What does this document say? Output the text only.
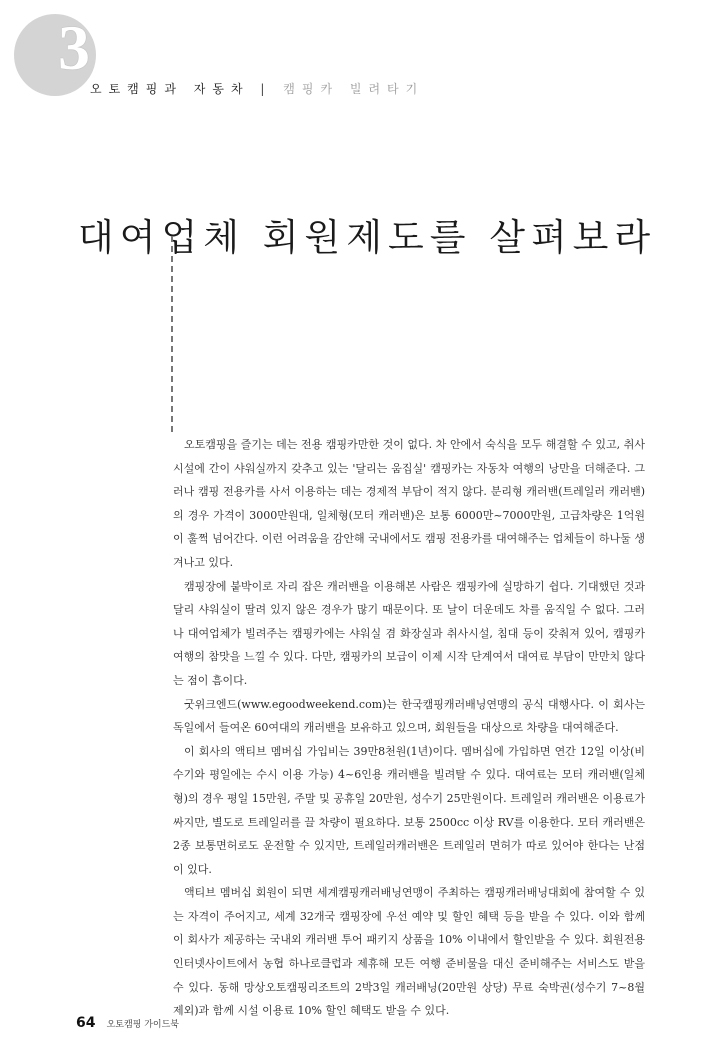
3
오토캠핑과 자동차 | 캠핑카 빌려타기
대여업체 회원제도를 살펴보라

오토캠핑을 즐기는 데는 전용 캠핑카만한 것이 없다. 차 안에서 숙식을 모두 해결할 수 있고, 취사시설에 간이 샤워실까지 갖추고 있는 '달리는 움집실' 캠핑카는 자동차 여행의 낭만을 더해준다. 그러나 캠핑 전용카를 사서 이용하는 데는 경제적 부담이 적지 않다. 분리형 캐러밴(트레일러 캐러밴)의 경우 가격이 3000만원대, 일체형(모터 캐러밴)은 보통 6000만~7000만원, 고급차량은 1억원이 훌쩍 넘어간다. 이런 어려움을 감안해 국내에서도 캠핑 전용카를 대여해주는 업체들이 하나둘 생겨나고 있다.

캠핑장에 붙박이로 자리 잡은 캐러밴을 이용해본 사람은 캠핑카에 실망하기 쉽다. 기대했던 것과 달리 샤워실이 딸려 있지 않은 경우가 많기 때문이다. 또 날이 더운데도 차를 움직일 수 없다. 그러나 대여업체가 빌려주는 캠핑카에는 샤워실 겸 화장실과 취사시설, 침대 등이 갖춰져 있어, 캠핑카 여행의 참맛을 느낄 수 있다. 다만, 캠핑카의 보급이 이제 시작 단계여서 대여료 부담이 만만치 않다는 점이 흠이다.

굿위크엔드(www.egoodweekend.com)는 한국캠핑캐러배닝연맹의 공식 대행사다. 이 회사는 독일에서 들여온 60여대의 캐러밴을 보유하고 있으며, 회원들을 대상으로 차량을 대여해준다.

이 회사의 액티브 멤버십 가입비는 39만8천원(1년)이다. 멤버십에 가입하면 연간 12일 이상(비수기와 평일에는 수시 이용 가능) 4~6인용 캐러밴을 빌려탈 수 있다. 대여료는 모터 캐러밴(일체형)의 경우 평일 15만원, 주말 및 공휴일 20만원, 성수기 25만원이다. 트레일러 캐러밴은 이용료가 싸지만, 별도로 트레일러를 끌 차량이 필요하다. 보통 2500cc 이상 RV를 이용한다. 모터 캐러밴은 2종 보통면허로도 운전할 수 있지만, 트레일러캐러밴은 트레일러 면허가 따로 있어야 한다는 난점이 있다.

액티브 멤버십 회원이 되면 세계캠핑캐러배닝연맹이 주최하는 캠핑캐러배닝대회에 참여할 수 있는 자격이 주어지고, 세계 32개국 캠핑장에 우선 예약 및 할인 혜택 등을 받을 수 있다. 이와 함께 이 회사가 제공하는 국내외 캐러밴 투어 패키지 상품을 10% 이내에서 할인받을 수 있다. 회원전용 인터넷사이트에서 농협 하나로클럽과 제휴해 모든 여행 준비물을 대신 준비해주는 서비스도 받을 수 있다. 동해 망상오토캠핑리조트의 2박3일 캐러배닝(20만원 상당) 무료 숙박권(성수기 7~8월 제외)과 함께 시설 이용료 10% 할인 혜택도 받을 수 있다.

64 오토캠핑 가이드북
